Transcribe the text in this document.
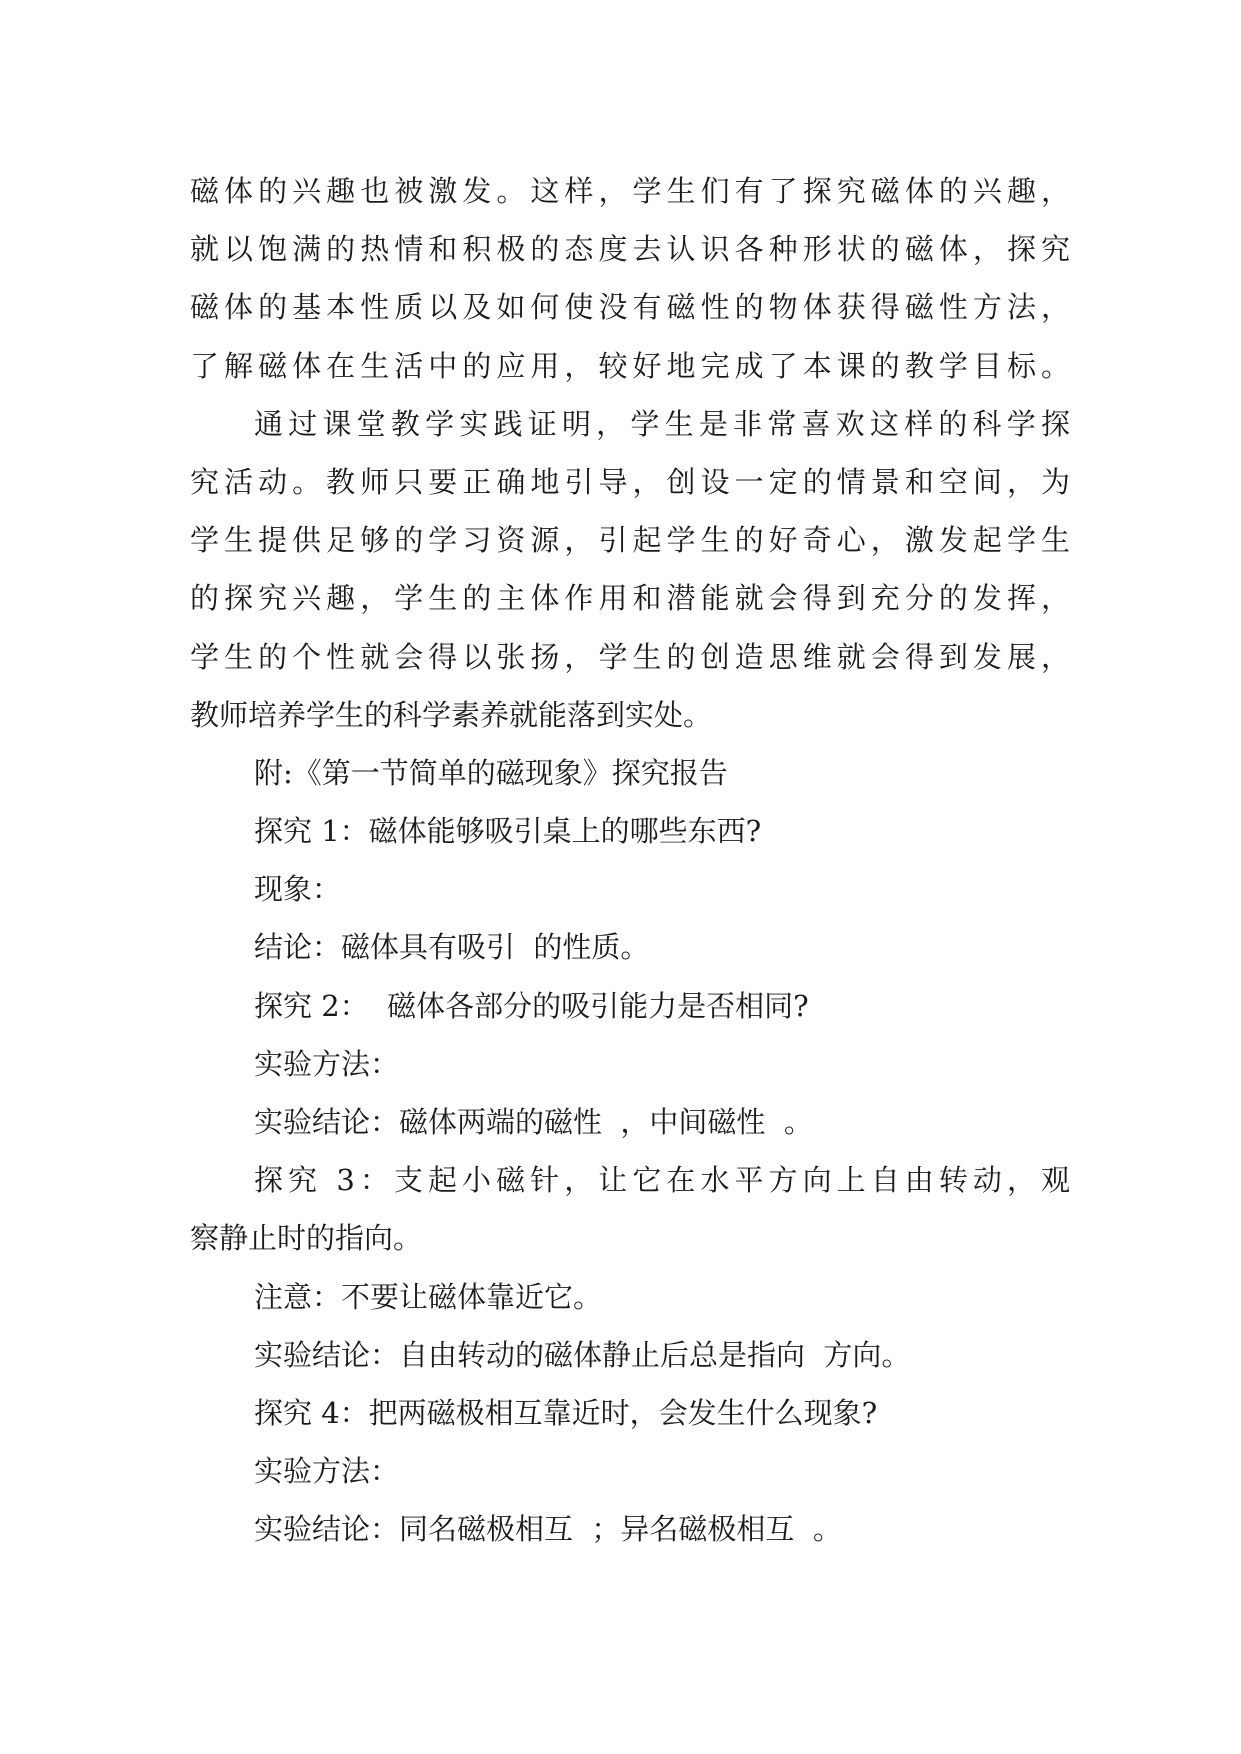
磁体的兴趣也被激发。这样，学生们有了探究磁体的兴趣，
就以饱满的热情和积极的态度去认识各种形状的磁体，探究
磁体的基本性质以及如何使没有磁性的物体获得磁性方法，
了解磁体在生活中的应用，较好地完成了本课的教学目标。
通过课堂教学实践证明，学生是非常喜欢这样的科学探
究活动。教师只要正确地引导，创设一定的情景和空间，为
学生提供足够的学习资源，引起学生的好奇心，激发起学生
的探究兴趣，学生的主体作用和潜能就会得到充分的发挥，
学生的个性就会得以张扬，学生的创造思维就会得到发展，
教师培养学生的科学素养就能落到实处。
附:《第一节简单的磁现象》探究报告
探究 1：磁体能够吸引桌上的哪些东西?
现象：
结论：磁体具有吸引  的性质。
探究 2：  磁体各部分的吸引能力是否相同?
实验方法：
实验结论：磁体两端的磁性  ，中间磁性  。
探究 3：支起小磁针，让它在水平方向上自由转动，观
察静止时的指向。
注意：不要让磁体靠近它。
实验结论：自由转动的磁体静止后总是指向  方向。
探究 4：把两磁极相互靠近时，会发生什么现象?
实验方法：
实验结论：同名磁极相互  ；异名磁极相互  。
